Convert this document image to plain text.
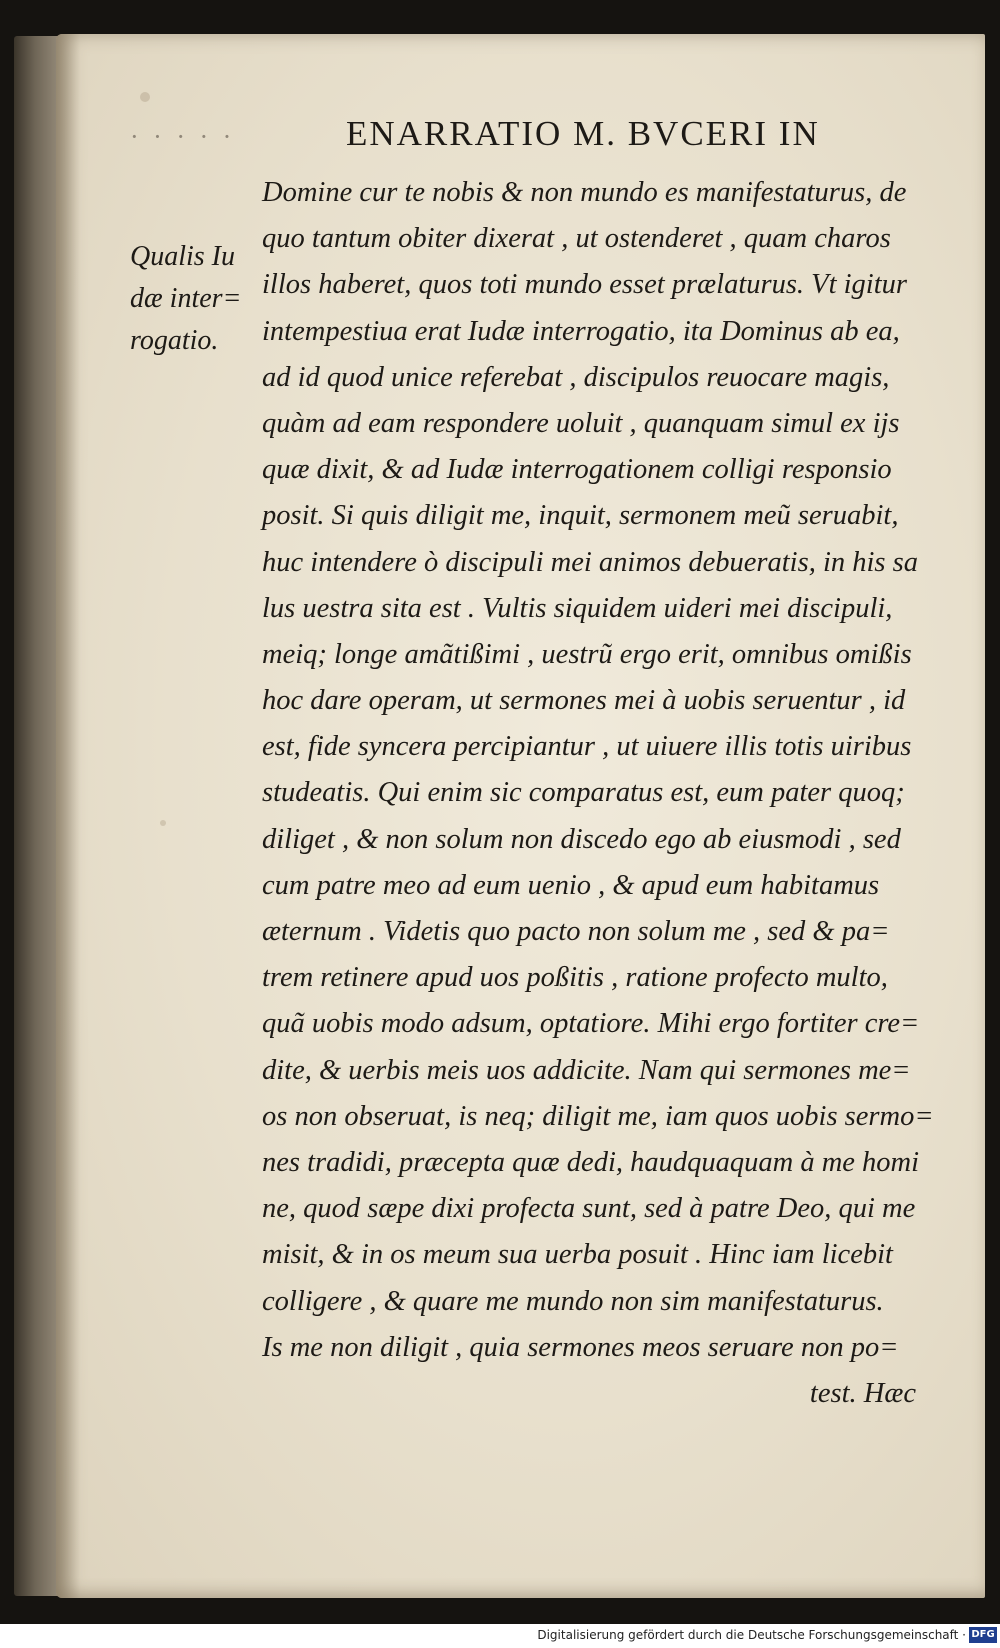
· · · · ·	ENARRATIO M. BVCERI IN
Qualis Iu
dæ inter=
rogatio.
Domine cur te nobis & non mundo es manifestaturus, de
quo tantum obiter dixerat , ut ostenderet , quam charos
illos haberet, quos toti mundo esset prælaturus. Vt igitur
intempestiua erat Iudæ interrogatio, ita Dominus ab ea,
ad id quod unice referebat , discipulos reuocare magis,
quàm ad eam respondere uoluit , quanquam simul ex ijs
quæ dixit, & ad Iudæ interrogationem colligi responsio
posit. Si quis diligit me, inquit, sermonem meũ seruabit,
huc intendere ò discipuli mei animos debueratis, in his sa
lus uestra sita est . Vultis siquidem uideri mei discipuli,
meiq; longe amãtißimi , uestrũ ergo erit, omnibus omißis
hoc dare operam, ut sermones mei à uobis seruentur , id
est, fide syncera percipiantur , ut uiuere illis totis uiribus
studeatis. Qui enim sic comparatus est, eum pater quoq;
diliget , & non solum non discedo ego ab eiusmodi , sed
cum patre meo ad eum uenio , & apud eum habitamus
æternum . Videtis quo pacto non solum me , sed & pa=
trem retinere apud uos poßitis , ratione profecto multo,
quã uobis modo adsum, optatiore. Mihi ergo fortiter cre=
dite, & uerbis meis uos addicite. Nam qui sermones me=
os non obseruat, is neq; diligit me, iam quos uobis sermo=
nes tradidi, præcepta quæ dedi, haudquaquam à me homi
ne, quod sæpe dixi profecta sunt, sed à patre Deo, qui me
misit, & in os meum sua uerba posuit . Hinc iam licebit
colligere , & quare me mundo non sim manifestaturus.
Is me non diligit , quia sermones meos seruare non po=
test. Hæc
Digitalisierung gefördert durch die Deutsche Forschungsgemeinschaft · DFG
